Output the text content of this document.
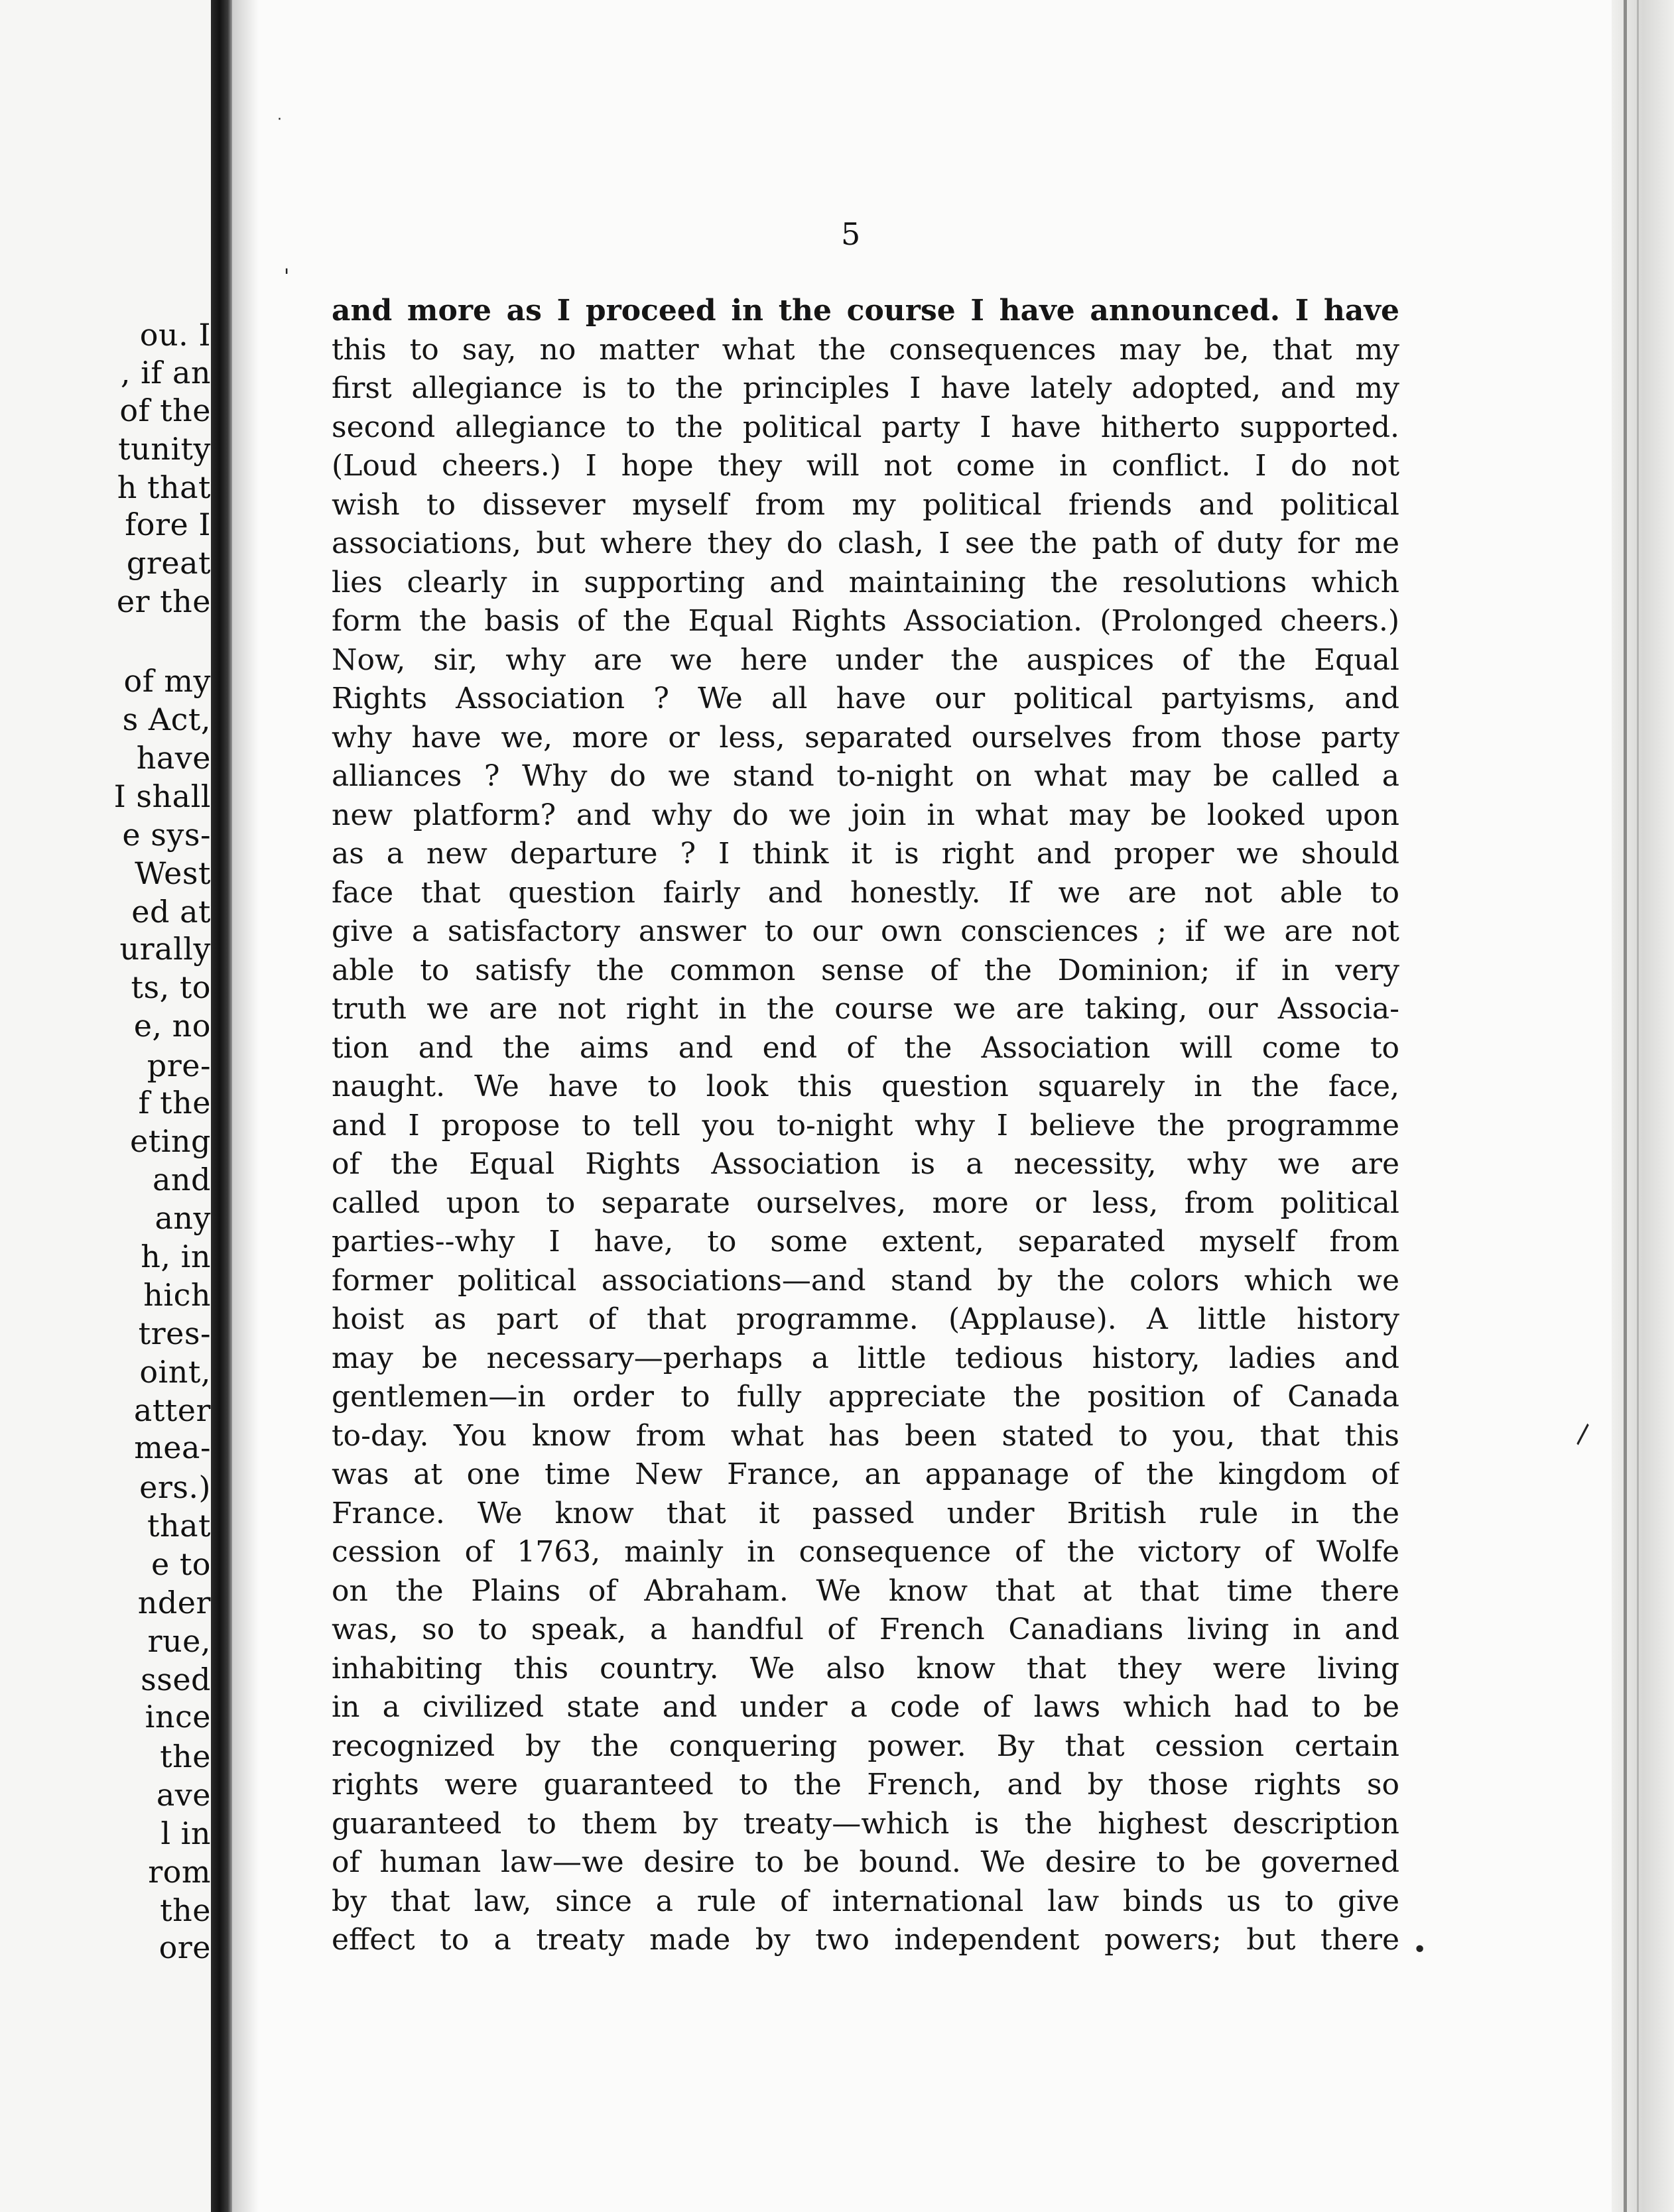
ou. I
, if an
of the
tunity
h that
fore I
great
er the
of my
s Act,
have
I shall
e sys-
West
ed at
urally
ts, to
e, no
pre-
f the
eting
and
any
h, in
hich
tres-
oint,
atter
mea-
ers.)
that
e to
nder
rue,
ssed
ince
the
ave
l in
rom
the
ore
5
and more as I proceed in the course I have announced. I have
this to say, no matter what the consequences may be, that my
first allegiance is to the principles I have lately adopted, and my
second allegiance to the political party I have hitherto supported.
(Loud cheers.) I hope they will not come in conflict. I do not
wish to dissever myself from my political friends and political
associations, but where they do clash, I see the path of duty for me
lies clearly in supporting and maintaining the resolutions which
form the basis of the Equal Rights Association. (Prolonged cheers.)
Now, sir, why are we here under the auspices of the Equal
Rights Association ? We all have our political partyisms, and
why have we, more or less, separated ourselves from those party
alliances ? Why do we stand to-night on what may be called a
new platform? and why do we join in what may be looked upon
as a new departure ? I think it is right and proper we should
face that question fairly and honestly. If we are not able to
give a satisfactory answer to our own consciences ; if we are not
able to satisfy the common sense of the Dominion; if in very
truth we are not right in the course we are taking, our Associa-
tion and the aims and end of the Association will come to
naught. We have to look this question squarely in the face,
and I propose to tell you to-night why I believe the programme
of the Equal Rights Association is a necessity, why we are
called upon to separate ourselves, more or less, from political
parties--why I have, to some extent, separated myself from
former political associations—and stand by the colors which we
hoist as part of that programme. (Applause). A little history
may be necessary—perhaps a little tedious history, ladies and
gentlemen—in order to fully appreciate the position of Canada
to-day. You know from what has been stated to you, that this
was at one time New France, an appanage of the kingdom of
France. We know that it passed under British rule in the
cession of 1763, mainly in consequence of the victory of Wolfe
on the Plains of Abraham. We know that at that time there
was, so to speak, a handful of French Canadians living in and
inhabiting this country. We also know that they were living
in a civilized state and under a code of laws which had to be
recognized by the conquering power. By that cession certain
rights were guaranteed to the French, and by those rights so
guaranteed to them by treaty—which is the highest description
of human law—we desire to be bound. We desire to be governed
by that law, since a rule of international law binds us to give
effect to a treaty made by two independent powers; but there
·
'
\
•
